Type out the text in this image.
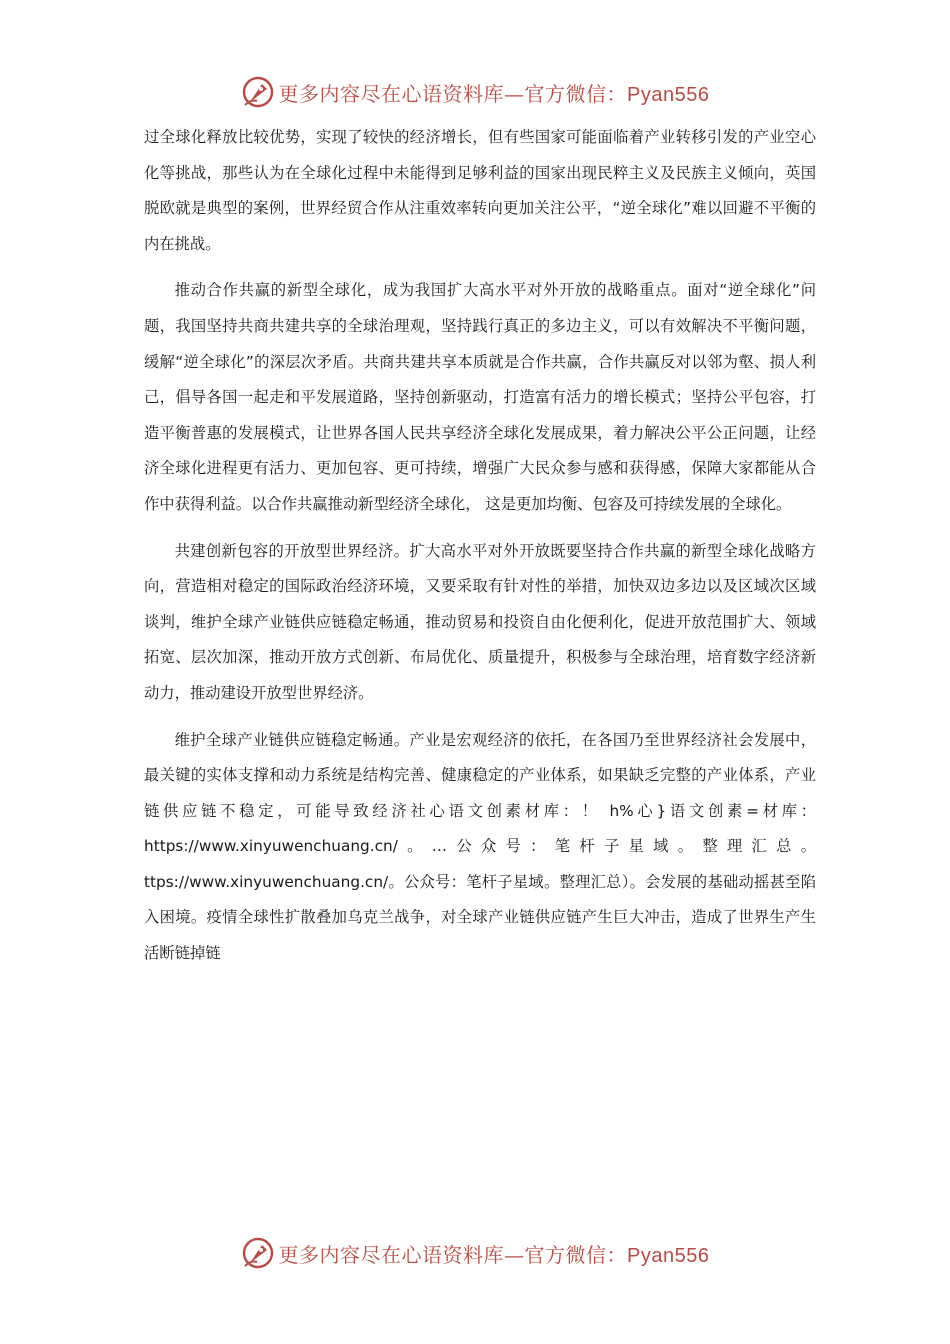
更多内容尽在心语资料库—官方微信：Pyan556

过全球化释放比较优势，实现了较快的经济增长，但有些国家可能面临着产业转移引发的产业空心化等挑战，那些认为在全球化过程中未能得到足够利益的国家出现民粹主义及民族主义倾向，英国脱欧就是典型的案例，世界经贸合作从注重效率转向更加关注公平，“逆全球化”难以回避不平衡的内在挑战。

推动合作共赢的新型全球化，成为我国扩大高水平对外开放的战略重点。面对“逆全球化”问题，我国坚持共商共建共享的全球治理观，坚持践行真正的多边主义，可以有效解决不平衡问题，缓解“逆全球化”的深层次矛盾。共商共建共享本质就是合作共赢，合作共赢反对以邻为壑、损人利己，倡导各国一起走和平发展道路，坚持创新驱动，打造富有活力的增长模式；坚持公平包容，打造平衡普惠的发展模式，让世界各国人民共享经济全球化发展成果，着力解决公平公正问题，让经济全球化进程更有活力、更加包容、更可持续，增强广大民众参与感和获得感，保障大家都能从合作中获得利益。以合作共赢推动新型经济全球化， 这是更加均衡、包容及可持续发展的全球化。

共建创新包容的开放型世界经济。扩大高水平对外开放既要坚持合作共赢的新型全球化战略方向，营造相对稳定的国际政治经济环境，又要采取有针对性的举措，加快双边多边以及区域次区域谈判，维护全球产业链供应链稳定畅通，推动贸易和投资自由化便利化，促进开放范围扩大、领域拓宽、层次加深，推动开放方式创新、布局优化、质量提升，积极参与全球治理，培育数字经济新动力，推动建设开放型世界经济。

维护全球产业链供应链稳定畅通。产业是宏观经济的依托，在各国乃至世界经济社会发展中，最关键的实体支撑和动力系统是结构完善、健康稳定的产业体系，如果缺乏完整的产业体系，产业链供应链不稳定，可能导致经济社心语文创素材库：！ h%心}语文创素=材库：https://www.xinyuwenchuang.cn/。…公众号：笔杆子星域。整理汇总。ttps://www.xinyuwenchuang.cn/。公众号：笔杆子星域。整理汇总）。会发展的基础动摇甚至陷入困境。疫情全球性扩散叠加乌克兰战争，对全球产业链供应链产生巨大冲击，造成了世界生产生活断链掉链

更多内容尽在心语资料库—官方微信：Pyan556
